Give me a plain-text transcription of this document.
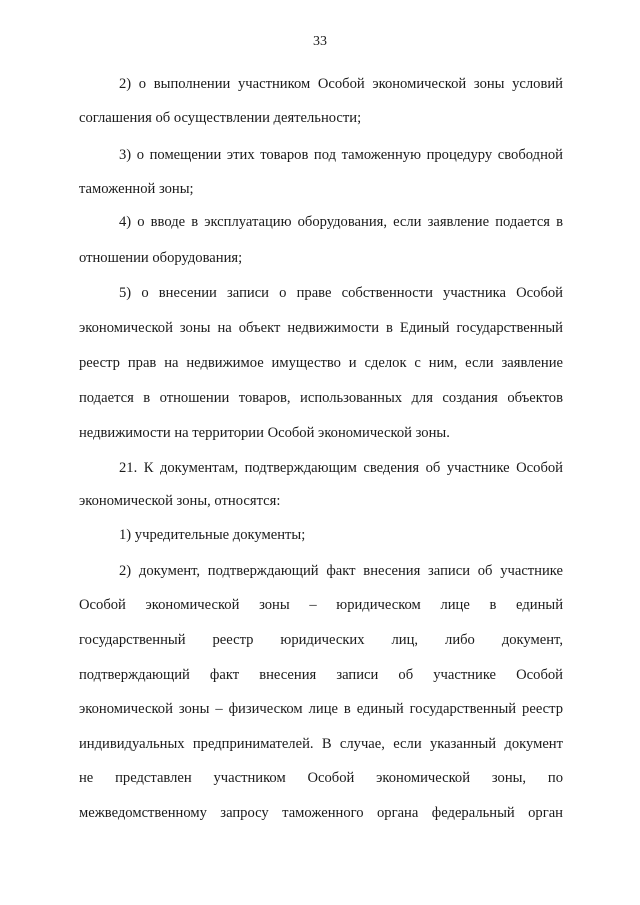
33
2) о выполнении участником Особой экономической зоны условий
соглашения об осуществлении деятельности;
3) о помещении этих товаров под таможенную процедуру свободной
таможенной зоны;
4) о вводе в эксплуатацию оборудования, если заявление подается в
отношении оборудования;
5) о внесении записи о праве собственности участника Особой
экономической зоны на объект недвижимости в Единый государственный
реестр прав на недвижимое имущество и сделок с ним, если заявление
подается в отношении товаров, использованных для создания объектов
недвижимости на территории Особой экономической зоны.
21. К документам, подтверждающим сведения об участнике Особой
экономической зоны, относятся:
1) учредительные документы;
2) документ, подтверждающий факт внесения записи об участнике
Особой экономической зоны – юридическом лице в единый
государственный реестр юридических лиц, либо документ,
подтверждающий факт внесения записи об участнике Особой
экономической зоны – физическом лице в единый государственный реестр
индивидуальных предпринимателей. В случае, если указанный документ
не представлен участником Особой экономической зоны, по
межведомственному запросу таможенного органа федеральный орган
